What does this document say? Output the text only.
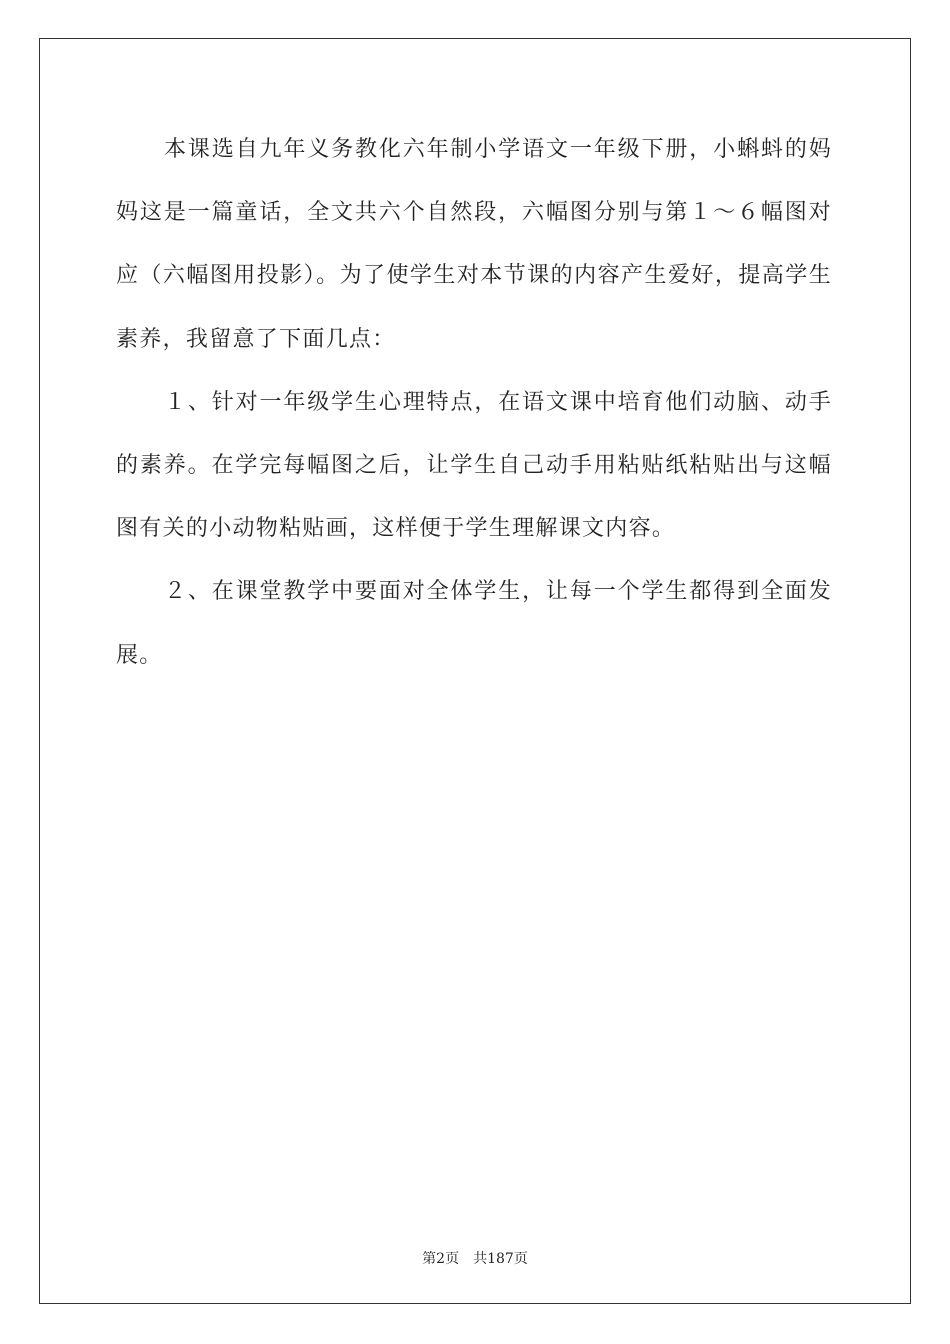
本课选自九年义务教化六年制小学语文一年级下册，小蝌蚪的妈妈这是一篇童话，全文共六个自然段，六幅图分别与第１～６幅图对应（六幅图用投影）。为了使学生对本节课的内容产生爱好，提高学生素养，我留意了下面几点：

１、针对一年级学生心理特点，在语文课中培育他们动脑、动手的素养。在学完每幅图之后，让学生自己动手用粘贴纸粘贴出与这幅图有关的小动物粘贴画，这样便于学生理解课文内容。

２、在课堂教学中要面对全体学生，让每一个学生都得到全面发展。

第2页 共187页
